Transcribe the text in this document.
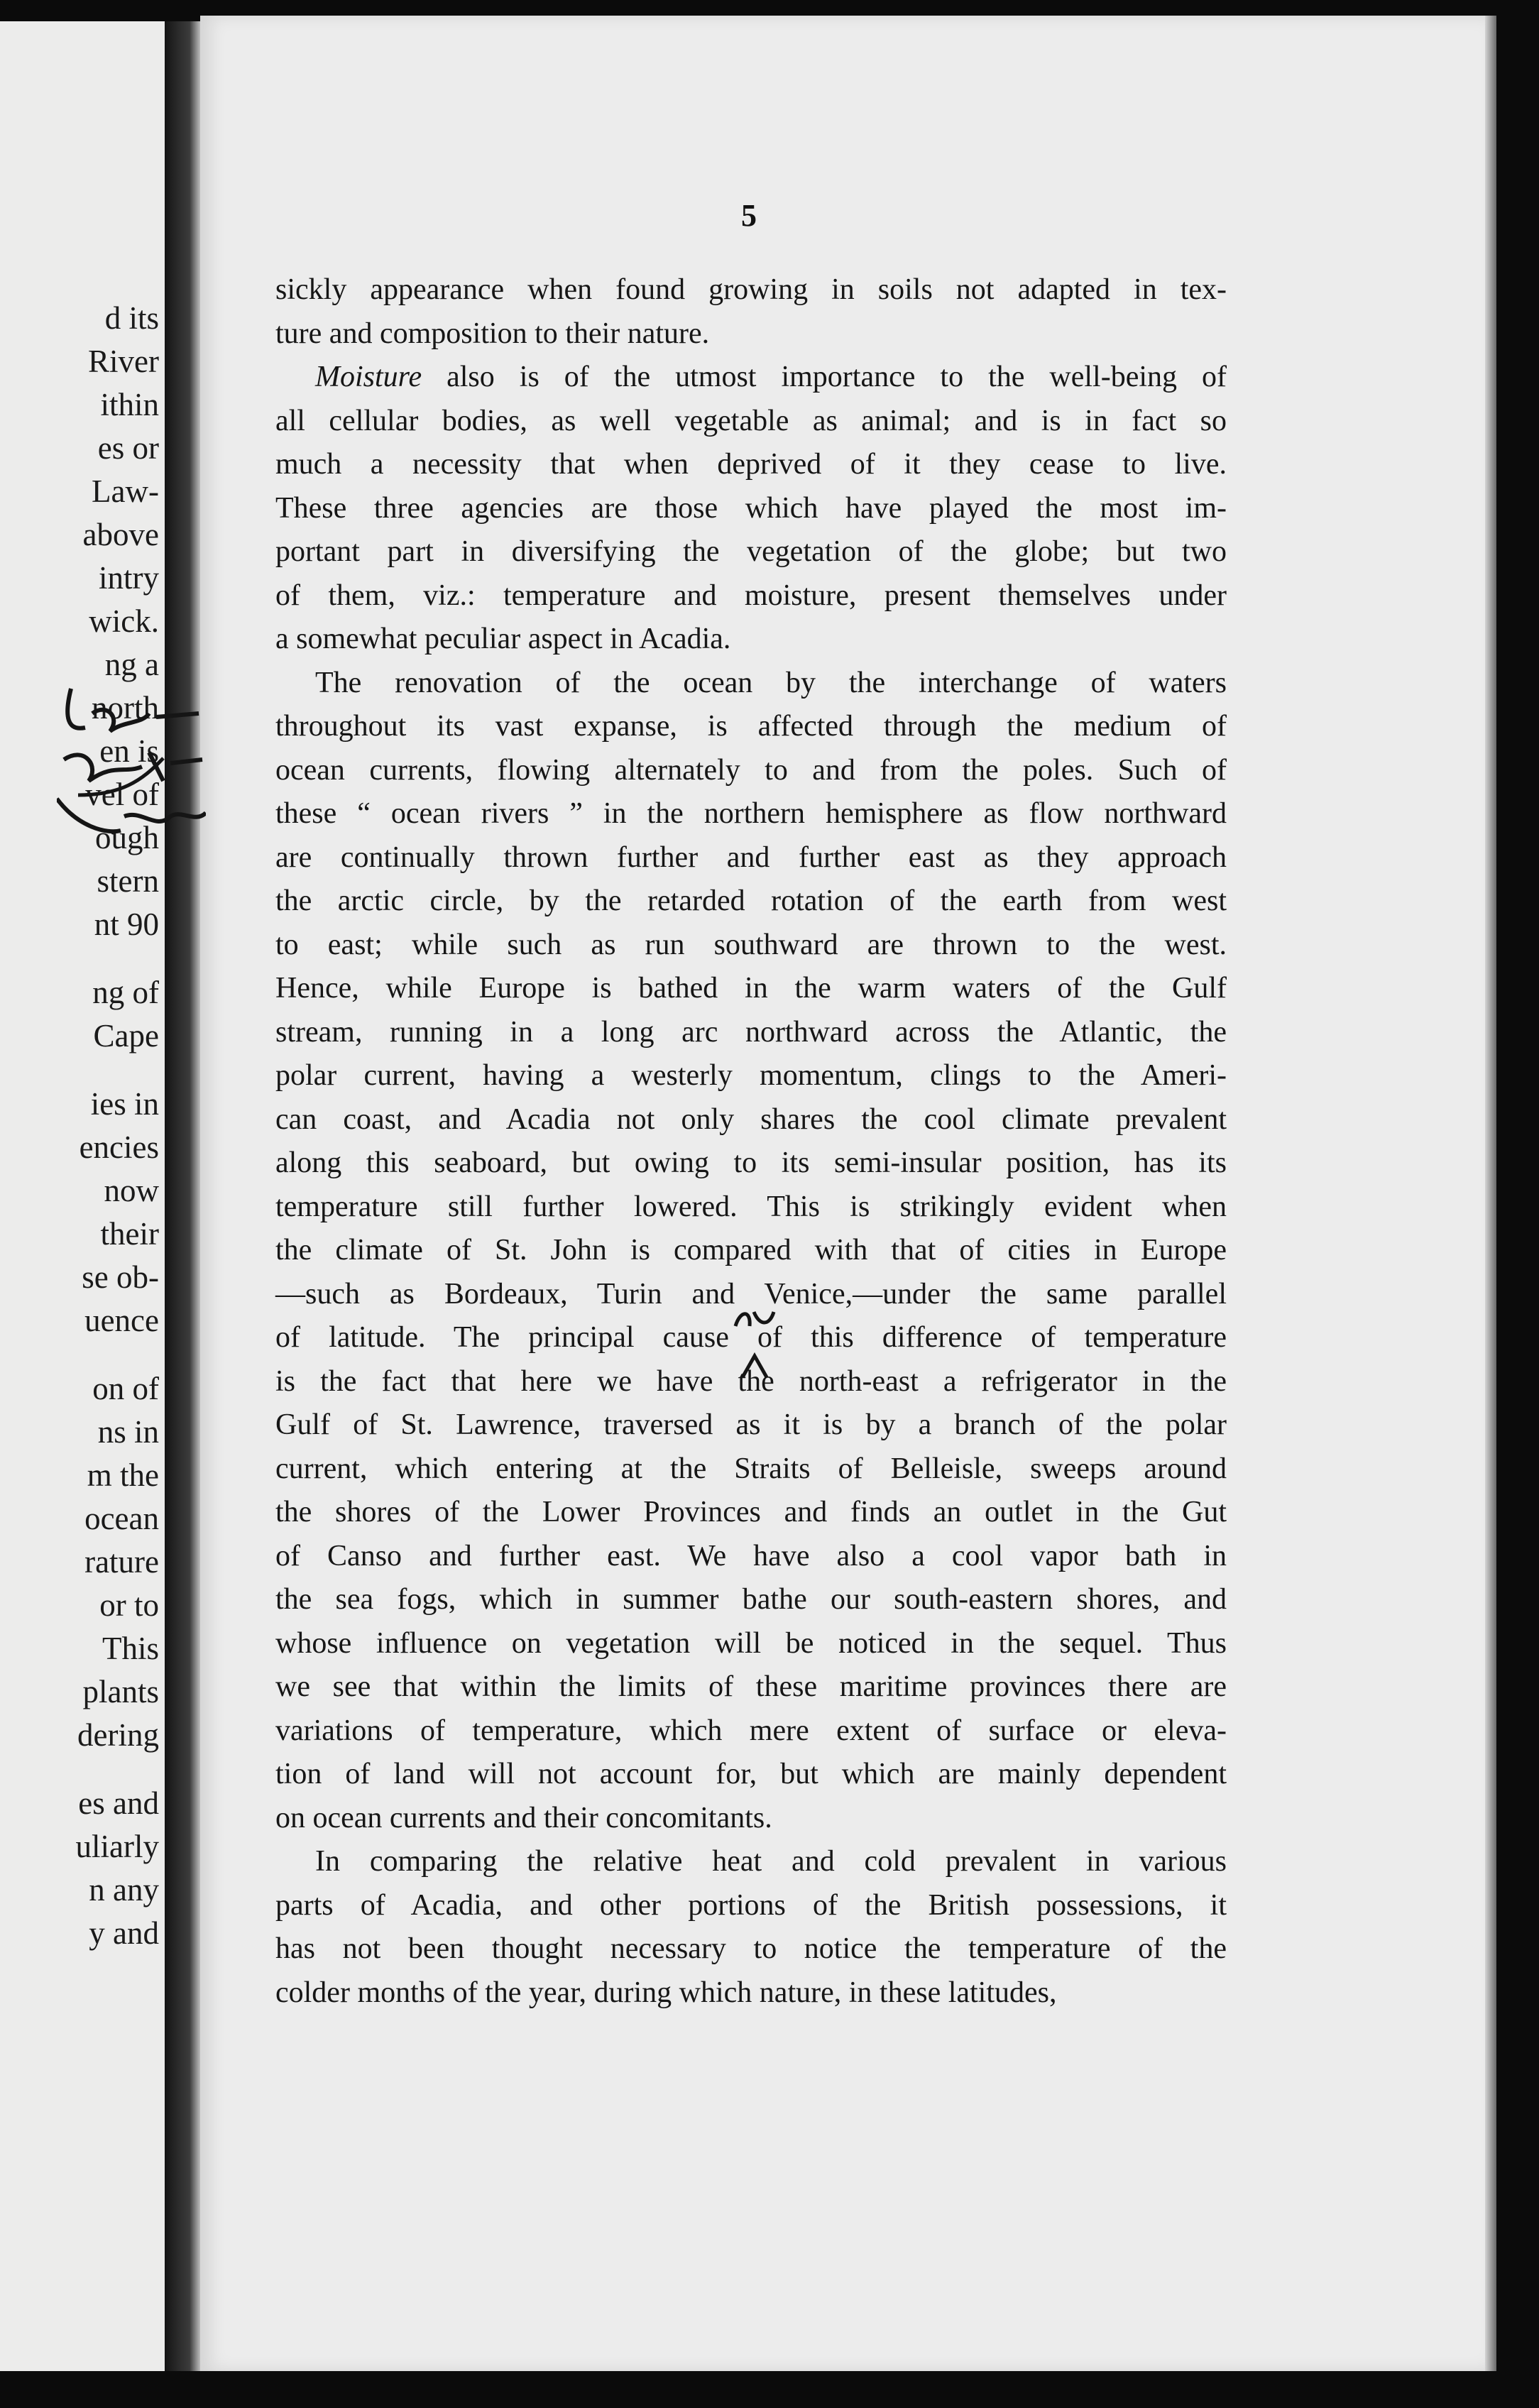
d its
River
ithin
es or
Law-
above
intry
wick.
ng a
north
en is
vel of
ough
stern
nt 90
ng of
Cape
ies in
encies
now
their
se ob-
uence
on of
ns in
m the
ocean
rature
or to
This
plants
dering
es and
uliarly
n any
y and
5
sickly appearance when found growing in soils not adapted in tex-
ture and composition to their nature.
Moisture also is of the utmost importance to the well-being of
all cellular bodies, as well vegetable as animal; and is in fact so
much a necessity that when deprived of it they cease to live.
These three agencies are those which have played the most im-
portant part in diversifying the vegetation of the globe; but two
of them, viz.: temperature and moisture, present themselves under
a somewhat peculiar aspect in Acadia.
The renovation of the ocean by the interchange of waters
throughout its vast expanse, is affected through the medium of
ocean currents, flowing alternately to and from the poles. Such of
these “ ocean rivers ” in the northern hemisphere as flow northward
are continually thrown further and further east as they approach
the arctic circle, by the retarded rotation of the earth from west
to east; while such as run southward are thrown to the west.
Hence, while Europe is bathed in the warm waters of the Gulf
stream, running in a long arc northward across the Atlantic, the
polar current, having a westerly momentum, clings to the Ameri-
can coast, and Acadia not only shares the cool climate prevalent
along this seaboard, but owing to its semi-insular position, has its
temperature still further lowered. This is strikingly evident when
the climate of St. John is compared with that of cities in Europe
—such as Bordeaux, Turin and Venice,—under the same parallel
of latitude. The principal cause of this difference of temperature
is the fact that here we have the north-east a refrigerator in the
Gulf of St. Lawrence, traversed as it is by a branch of the polar
current, which entering at the Straits of Belleisle, sweeps around
the shores of the Lower Provinces and finds an outlet in the Gut
of Canso and further east. We have also a cool vapor bath in
the sea fogs, which in summer bathe our south-eastern shores, and
whose influence on vegetation will be noticed in the sequel. Thus
we see that within the limits of these maritime provinces there are
variations of temperature, which mere extent of surface or eleva-
tion of land will not account for, but which are mainly dependent
on ocean currents and their concomitants.
In comparing the relative heat and cold prevalent in various
parts of Acadia, and other portions of the British possessions, it
has not been thought necessary to notice the temperature of the
colder months of the year, during which nature, in these latitudes,
